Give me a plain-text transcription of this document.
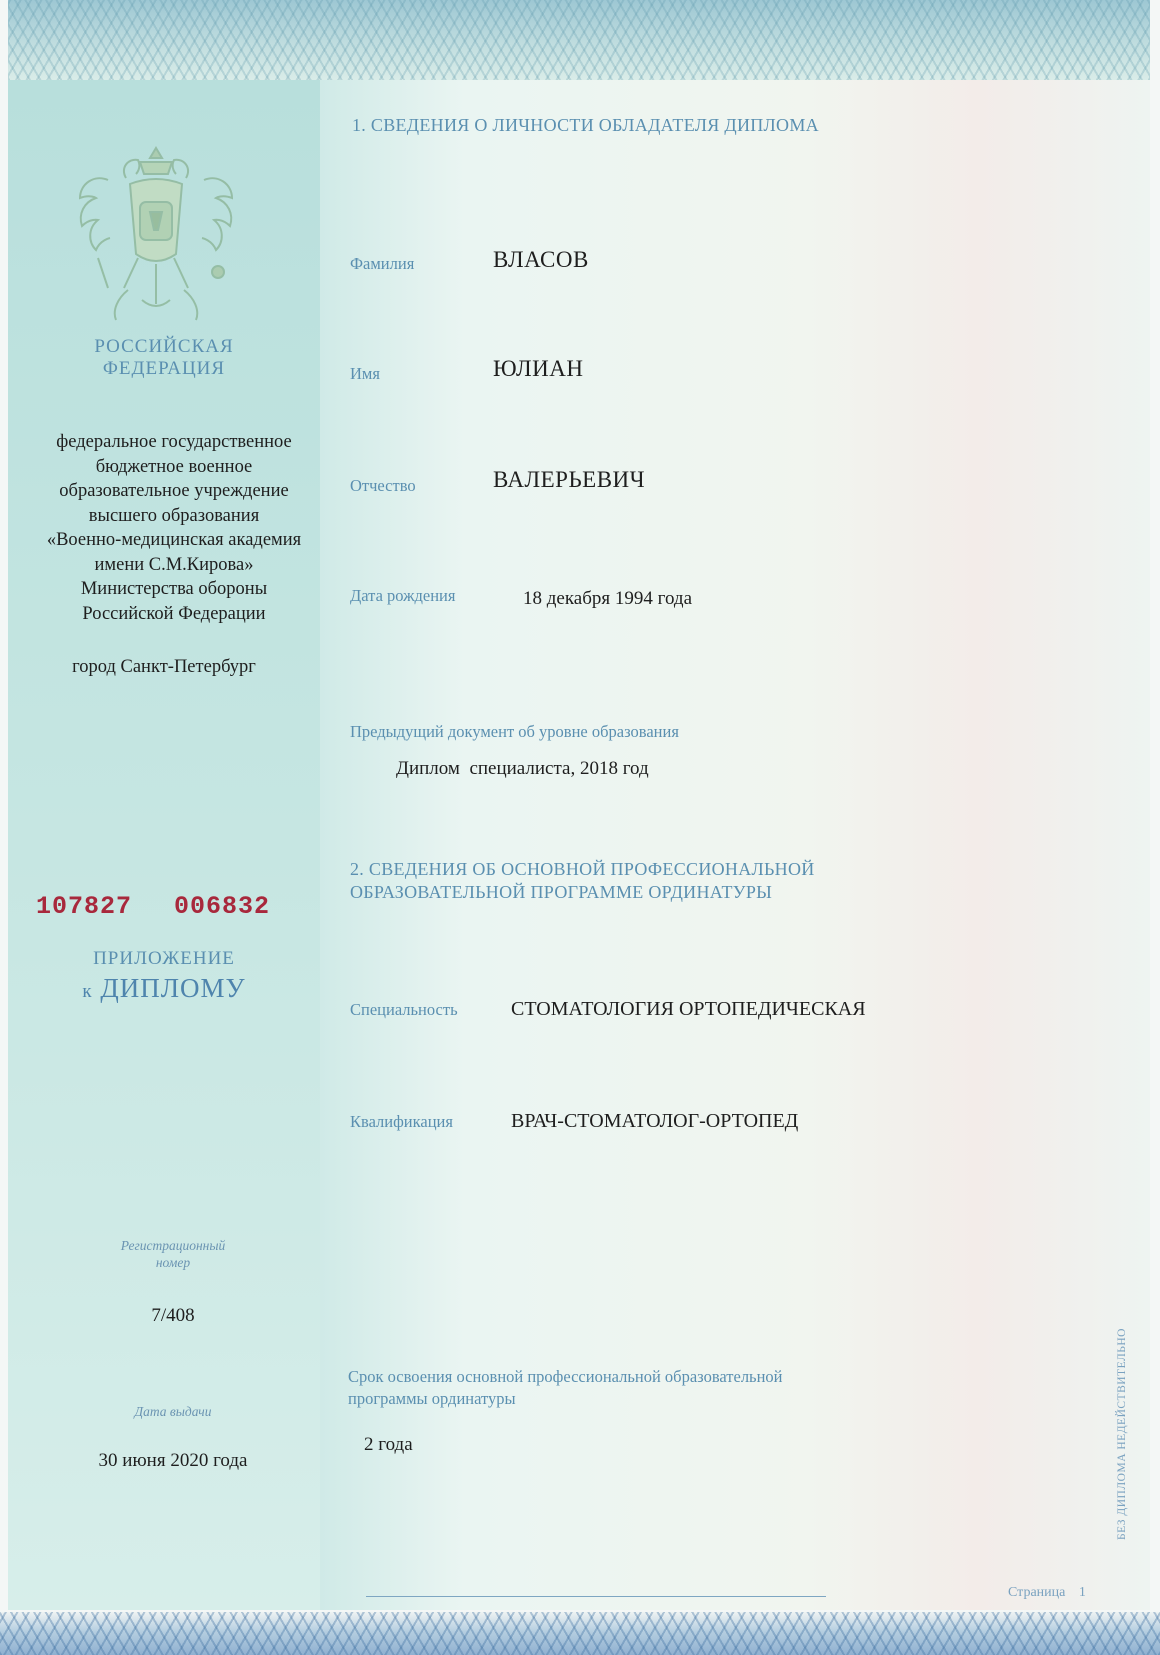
РОССИЙСКАЯ
ФЕДЕРАЦИЯ
федеральное государственное
бюджетное военное
образовательное учреждение
высшего образования
«Военно-медицинская академия
имени С.М.Кирова»
Министерства обороны
Российской Федерации
город Санкт-Петербург
107827 006832
ПРИЛОЖЕНИЕ
к ДИПЛОМУ
Регистрационный
номер
7/408
Дата выдачи
30 июня 2020 года
1. СВЕДЕНИЯ О ЛИЧНОСТИ ОБЛАДАТЕЛЯ ДИПЛОМА
Фамилия	ВЛАСОВ
Имя	ЮЛИАН
Отчество	ВАЛЕРЬЕВИЧ
Дата рождения	18 декабря 1994 года
Предыдущий документ об уровне образования
Диплом  специалиста, 2018 год
2. СВЕДЕНИЯ ОБ ОСНОВНОЙ ПРОФЕССИОНАЛЬНОЙ
ОБРАЗОВАТЕЛЬНОЙ ПРОГРАММЕ ОРДИНАТУРЫ
Специальность	СТОМАТОЛОГИЯ ОРТОПЕДИЧЕСКАЯ
Квалификация	ВРАЧ-СТОМАТОЛОГ-ОРТОПЕД
Срок освоения основной профессиональной образовательной
программы ординатуры
2 года	БЕЗ ДИПЛОМА НЕДЕЙСТВИТЕЛЬНО
Страница 1
